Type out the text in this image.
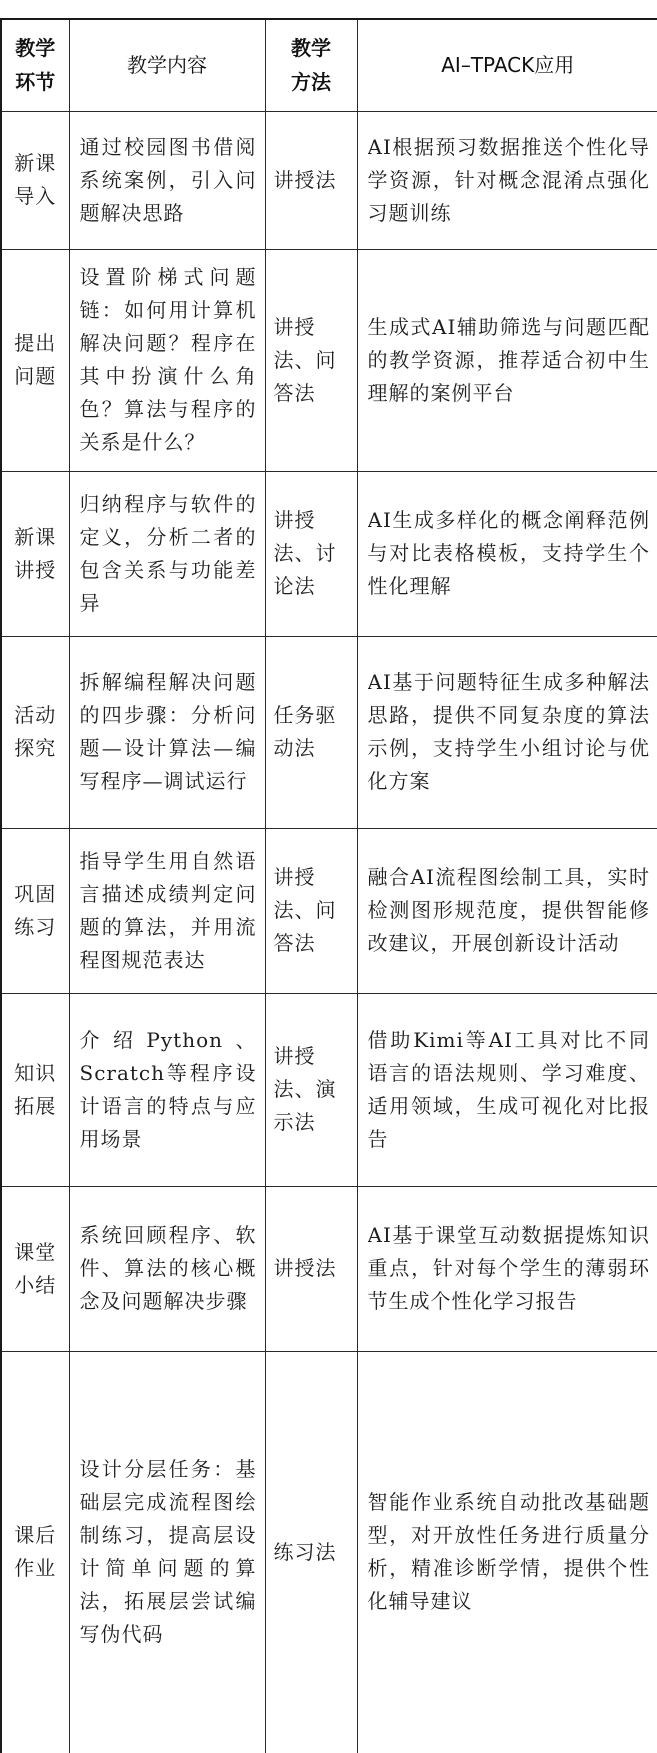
教学环节	教学内容	教学方法	AI–TPACK应用

新课导入	通过校园图书借阅系统案例，引入问题解决思路	讲授法	AI根据预习数据推送个性化导学资源，针对概念混淆点强化习题训练

提出问题	设置阶梯式问题链：如何用计算机解决问题？程序在其中扮演什么角色？算法与程序的关系是什么？	讲授法、问答法	生成式AI辅助筛选与问题匹配的教学资源，推荐适合初中生理解的案例平台

新课讲授	归纳程序与软件的定义，分析二者的包含关系与功能差异	讲授法、讨论法	AI生成多样化的概念阐释范例与对比表格模板，支持学生个性化理解

活动探究	拆解编程解决问题的四步骤：分析问题—设计算法—编写程序—调试运行	任务驱动法	AI基于问题特征生成多种解法思路，提供不同复杂度的算法示例，支持学生小组讨论与优化方案

巩固练习	指导学生用自然语言描述成绩判定问题的算法，并用流程图规范表达	讲授法、问答法	融合AI流程图绘制工具，实时检测图形规范度，提供智能修改建议，开展创新设计活动

知识拓展	介绍Python、Scratch等程序设计语言的特点与应用场景	讲授法、演示法	借助Kimi等AI工具对比不同语言的语法规则、学习难度、适用领域，生成可视化对比报告

课堂小结	系统回顾程序、软件、算法的核心概念及问题解决步骤	讲授法	AI基于课堂互动数据提炼知识重点，针对每个学生的薄弱环节生成个性化学习报告

课后作业	设计分层任务：基础层完成流程图绘制练习，提高层设计简单问题的算法，拓展层尝试编写伪代码	练习法	智能作业系统自动批改基础题型，对开放性任务进行质量分析，精准诊断学情，提供个性化辅导建议
